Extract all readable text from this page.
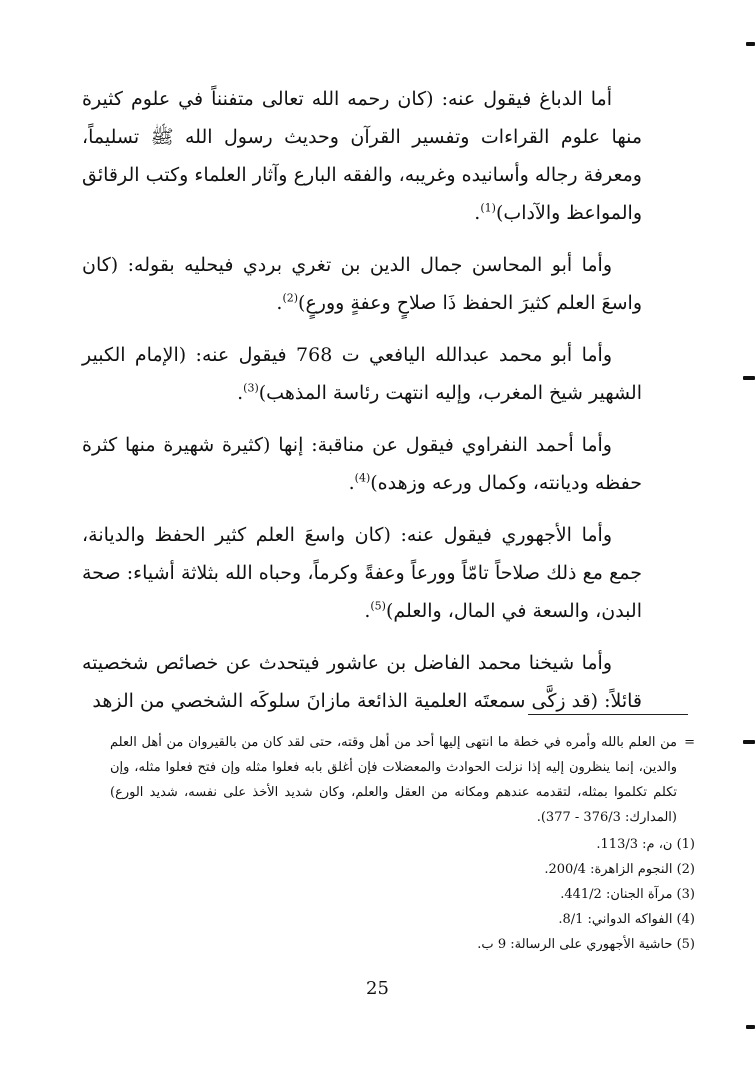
أما الدباغ فيقول عنه: (كان رحمه الله تعالى متفنناً في علوم كثيرة منها علوم القراءات وتفسير القرآن وحديث رسول الله ﷺ تسليماً، ومعرفة رجاله وأسانيده وغريبه، والفقه البارع وآثار العلماء وكتب الرقائق والمواعظ والآداب)$^{(1)}$.

وأما أبو المحاسن جمال الدين بن تغري بردي فيحليه بقوله: (كان واسعَ العلم كثيرَ الحفظ ذَا صلاحٍ وعفةٍ وورعٍ)$^{(2)}$.

وأما أبو محمد عبدالله اليافعي ت 768 فيقول عنه: (الإمام الكبير الشهير شيخ المغرب، وإليه انتهت رئاسة المذهب)$^{(3)}$.

وأما أحمد النفراوي فيقول عن مناقبة: إنها (كثيرة شهيرة منها كثرة حفظه وديانته، وكمال ورعه وزهده)$^{(4)}$.

وأما الأجهوري فيقول عنه: (كان واسعَ العلم كثير الحفظ والديانة، جمع مع ذلك صلاحاً تامّاً وورعاً وعفةً وكرماً، وحباه الله بثلاثة أشياء: صحة البدن، والسعة في المال، والعلم)$^{(5)}$.

وأما شيخنا محمد الفاضل بن عاشور فيتحدث عن خصائص شخصيته قائلاً: (قد زكَّى سمعتَه العلمية الذائعة مازانَ سلوكَه الشخصي من الزهد

=
من العلم بالله وأمره في خطة ما انتهى إليها أحد من أهل وقته، حتى لقد كان من بالقيروان من أهل العلم والدين، إنما ينظرون إليه إذا نزلت الحوادث والمعضلات فإن أغلق بابه فعلوا مثله وإن فتح فعلوا مثله، وإن تكلم تكلموا بمثله، لتقدمه عندهم ومكانه من العقل والعلم، وكان شديد الأخذ على نفسه، شديد الورع) (المدارك: 376/3 - 377).
(1) ن، م: 113/3.
(2) النجوم الزاهرة: 200/4.
(3) مرآة الجنان: 441/2.
(4) الفواكه الدواني: 8/1.
(5) حاشية الأجهوري على الرسالة: 9 ب.
25
